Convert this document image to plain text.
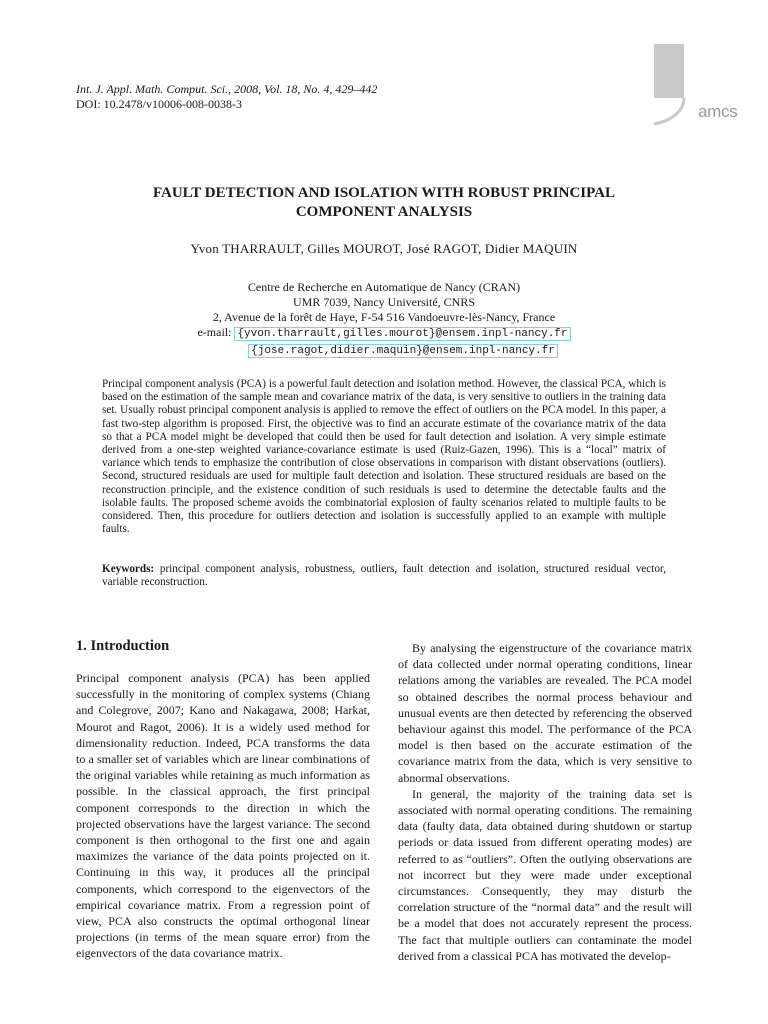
Int. J. Appl. Math. Comput. Sci., 2008, Vol. 18, No. 4, 429–442
DOI: 10.2478/v10006-008-0038-3	amcs
FAULT DETECTION AND ISOLATION WITH ROBUST PRINCIPAL
COMPONENT ANALYSIS
Yvon THARRAULT, Gilles MOUROT, José RAGOT, Didier MAQUIN
Centre de Recherche en Automatique de Nancy (CRAN)
UMR 7039, Nancy Université, CNRS
2, Avenue de la forêt de Haye, F-54 516 Vandoeuvre-lès-Nancy, France
e-mail: {yvon.tharrault,gilles.mourot}@ensem.inpl-nancy.fr
{jose.ragot,didier.maquin}@ensem.inpl-nancy.fr
Principal component analysis (PCA) is a powerful fault detection and isolation method. However, the classical PCA, which is based on the estimation of the sample mean and covariance matrix of the data, is very sensitive to outliers in the training data set. Usually robust principal component analysis is applied to remove the effect of outliers on the PCA model. In this paper, a fast two-step algorithm is proposed. First, the objective was to find an accurate estimate of the covariance matrix of the data so that a PCA model might be developed that could then be used for fault detection and isolation. A very simple estimate derived from a one-step weighted variance-covariance estimate is used (Ruiz-Gazen, 1996). This is a “local” matrix of variance which tends to emphasize the contribution of close observations in comparison with distant observations (outliers). Second, structured residuals are used for multiple fault detection and isolation. These structured residuals are based on the reconstruction principle, and the existence condition of such residuals is used to determine the detectable faults and the isolable faults. The proposed scheme avoids the combinatorial explosion of faulty scenarios related to multiple faults to be considered. Then, this procedure for outliers detection and isolation is successfully applied to an example with multiple faults.
Keywords: principal component analysis, robustness, outliers, fault detection and isolation, structured residual vector, variable reconstruction.
1. Introduction

Principal component analysis (PCA) has been applied successfully in the monitoring of complex systems (Chiang and Colegrove, 2007; Kano and Nakagawa, 2008; Harkat, Mourot and Ragot, 2006). It is a widely used method for dimensionality reduction. Indeed, PCA transforms the data to a smaller set of variables which are linear combinations of the original variables while retaining as much information as possible. In the classical approach, the first principal component corresponds to the direction in which the projected observations have the largest variance. The second component is then orthogonal to the first one and again maximizes the variance of the data points projected on it. Continuing in this way, it produces all the principal components, which correspond to the eigenvectors of the empirical covariance matrix. From a regression point of view, PCA also constructs the optimal orthogonal linear projections (in terms of the mean square error) from the eigenvectors of the data covariance matrix.

By analysing the eigenstructure of the covariance matrix of data collected under normal operating conditions, linear relations among the variables are revealed. The PCA model so obtained describes the normal process behaviour and unusual events are then detected by referencing the observed behaviour against this model. The performance of the PCA model is then based on the accurate estimation of the covariance matrix from the data, which is very sensitive to abnormal observations.

In general, the majority of the training data set is associated with normal operating conditions. The remaining data (faulty data, data obtained during shutdown or startup periods or data issued from different operating modes) are referred to as “outliers”. Often the outlying observations are not incorrect but they were made under exceptional circumstances. Consequently, they may disturb the correlation structure of the “normal data” and the result will be a model that does not accurately represent the process. The fact that multiple outliers can contaminate the model derived from a classical PCA has motivated the develop-
